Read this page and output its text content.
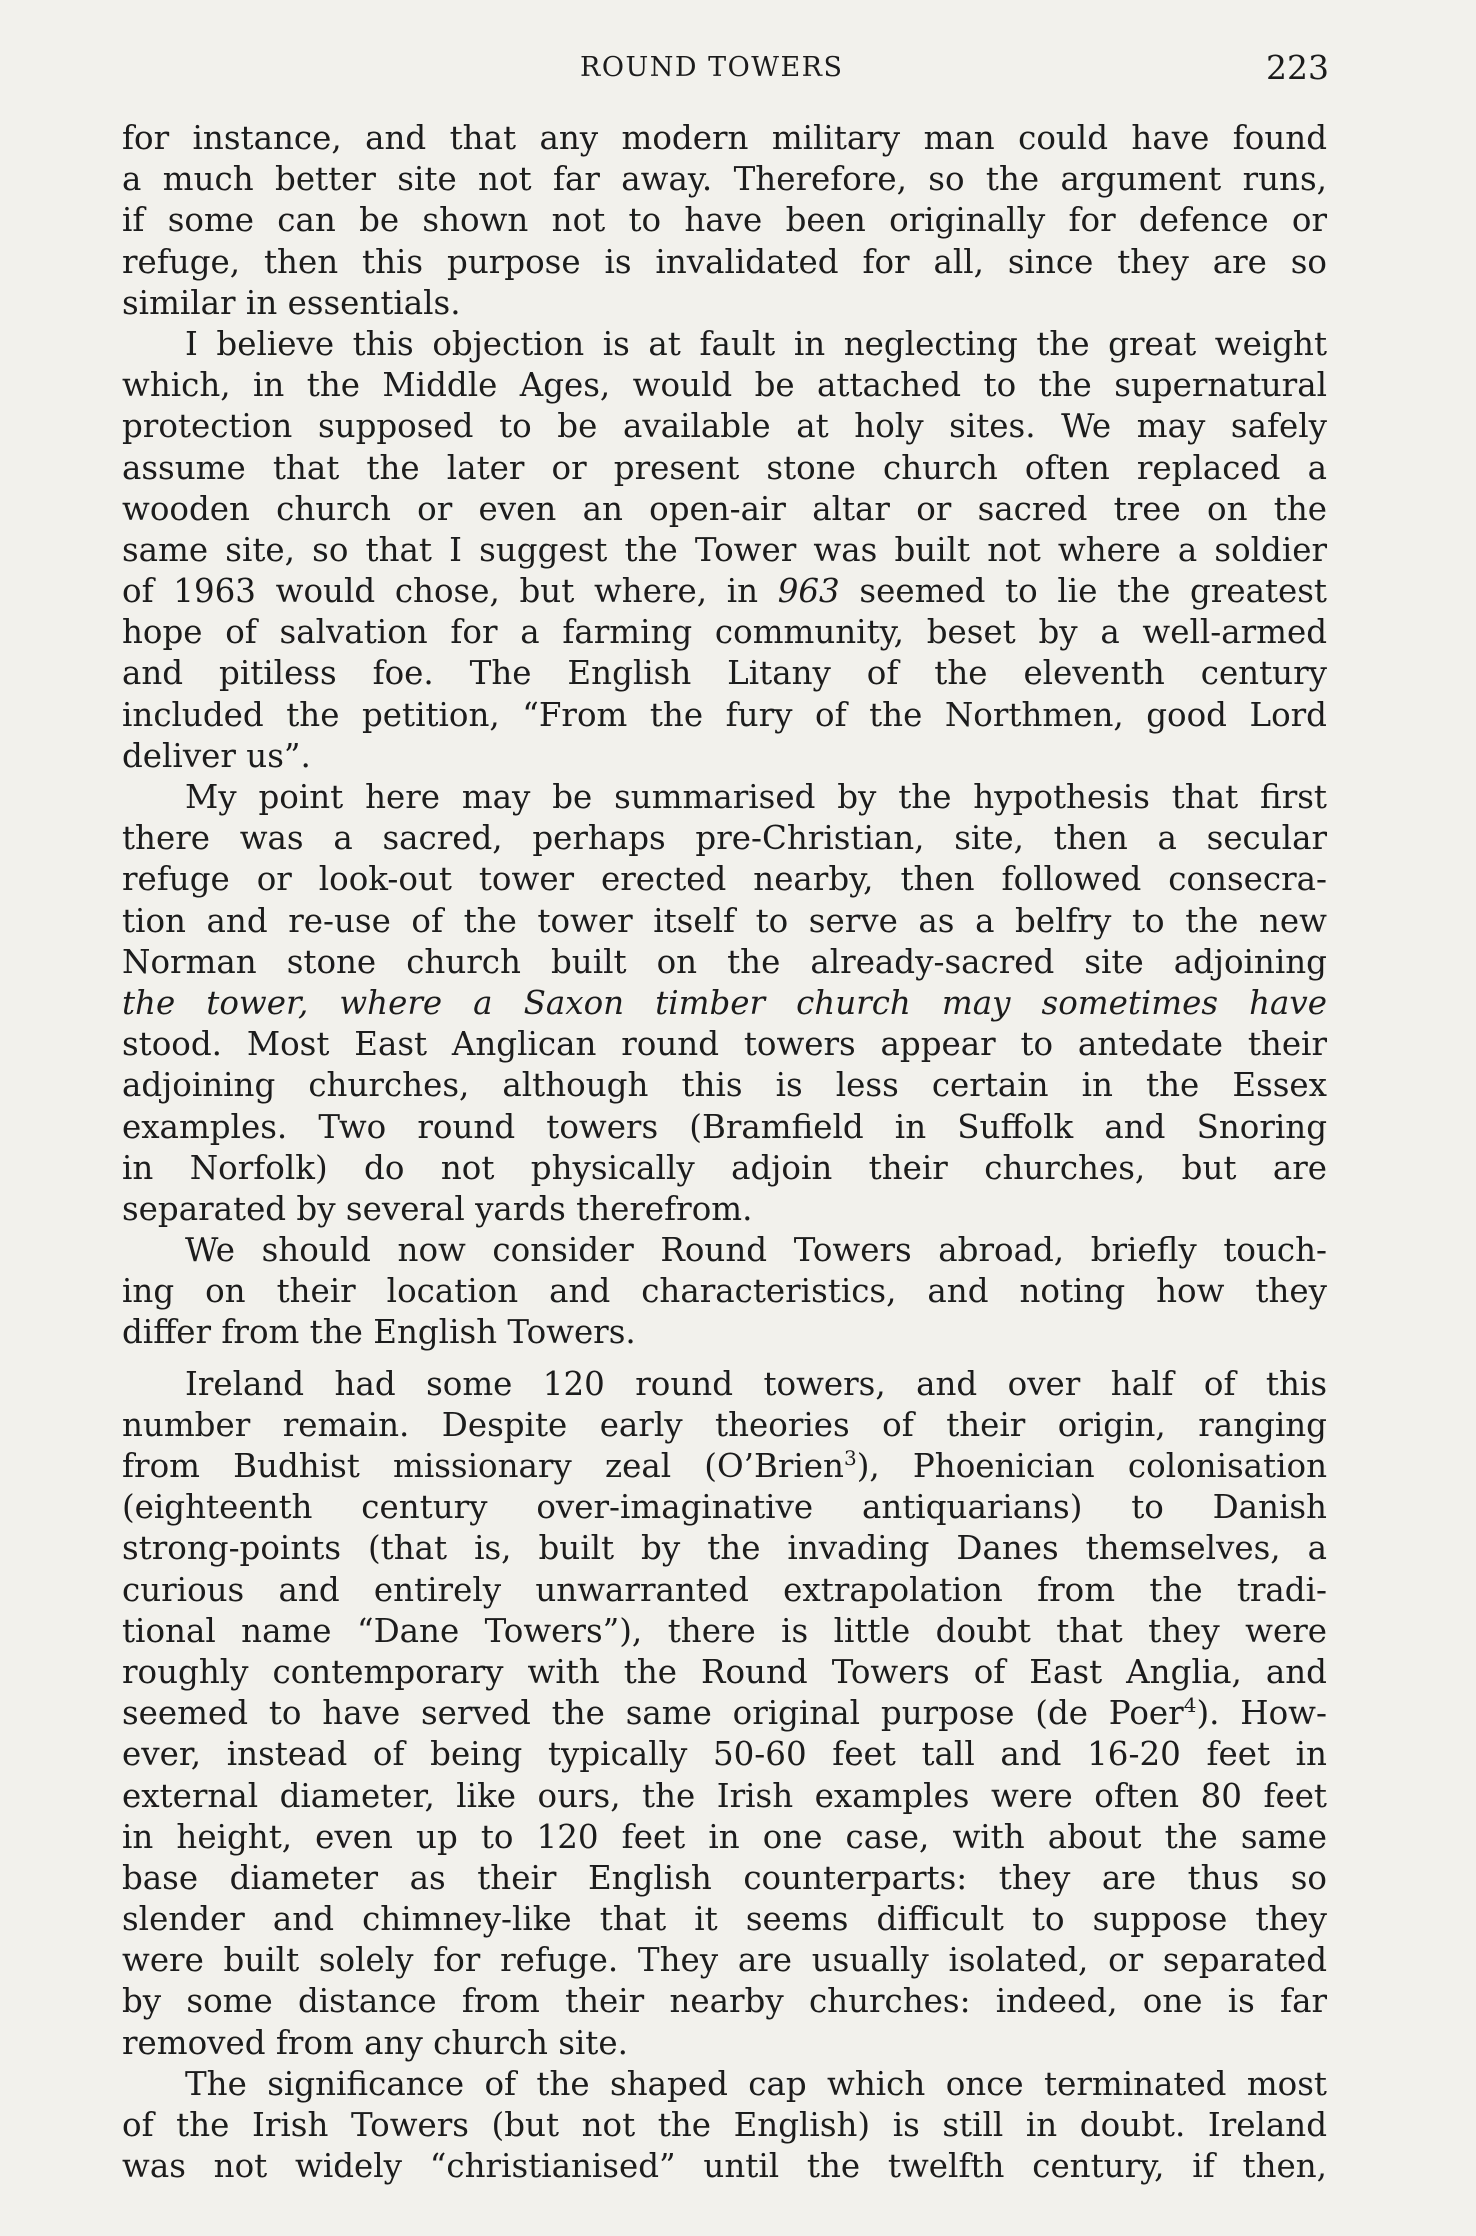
ROUND TOWERS	223
for instance, and that any modern military man could have found
a much better site not far away. Therefore, so the argument runs,
if some can be shown not to have been originally for defence or
refuge, then this purpose is invalidated for all, since they are so
similar in essentials.
I believe this objection is at fault in neglecting the great weight
which, in the Middle Ages, would be attached to the supernatural
protection supposed to be available at holy sites. We may safely
assume that the later or present stone church often replaced a
wooden church or even an open-air altar or sacred tree on the
same site, so that I suggest the Tower was built not where a soldier
of 1963 would chose, but where, in 963 seemed to lie the greatest
hope of salvation for a farming community, beset by a well-armed
and pitiless foe. The English Litany of the eleventh century
included the petition, “From the fury of the Northmen, good Lord
deliver us”.
My point here may be summarised by the hypothesis that first
there was a sacred, perhaps pre-Christian, site, then a secular
refuge or look-out tower erected nearby, then followed consecra-
tion and re-use of the tower itself to serve as a belfry to the new
Norman stone church built on the already-sacred site adjoining
the tower, where a Saxon timber church may sometimes have
stood. Most East Anglican round towers appear to antedate their
adjoining churches, although this is less certain in the Essex
examples. Two round towers (Bramfield in Suffolk and Snoring
in Norfolk) do not physically adjoin their churches, but are
separated by several yards therefrom.
We should now consider Round Towers abroad, briefly touch-
ing on their location and characteristics, and noting how they
differ from the English Towers.
Ireland had some 120 round towers, and over half of this
number remain. Despite early theories of their origin, ranging
from Budhist missionary zeal (O’Brien$^3$), Phoenician colonisation
(eighteenth century over-imaginative antiquarians) to Danish
strong-points (that is, built by the invading Danes themselves, a
curious and entirely unwarranted extrapolation from the tradi-
tional name “Dane Towers”), there is little doubt that they were
roughly contemporary with the Round Towers of East Anglia, and
seemed to have served the same original purpose (de Poer$^4$). How-
ever, instead of being typically 50-60 feet tall and 16-20 feet in
external diameter, like ours, the Irish examples were often 80 feet
in height, even up to 120 feet in one case, with about the same
base diameter as their English counterparts: they are thus so
slender and chimney-like that it seems difficult to suppose they
were built solely for refuge. They are usually isolated, or separated
by some distance from their nearby churches: indeed, one is far
removed from any church site.
The significance of the shaped cap which once terminated most
of the Irish Towers (but not the English) is still in doubt. Ireland
was not widely “christianised” until the twelfth century, if then,
